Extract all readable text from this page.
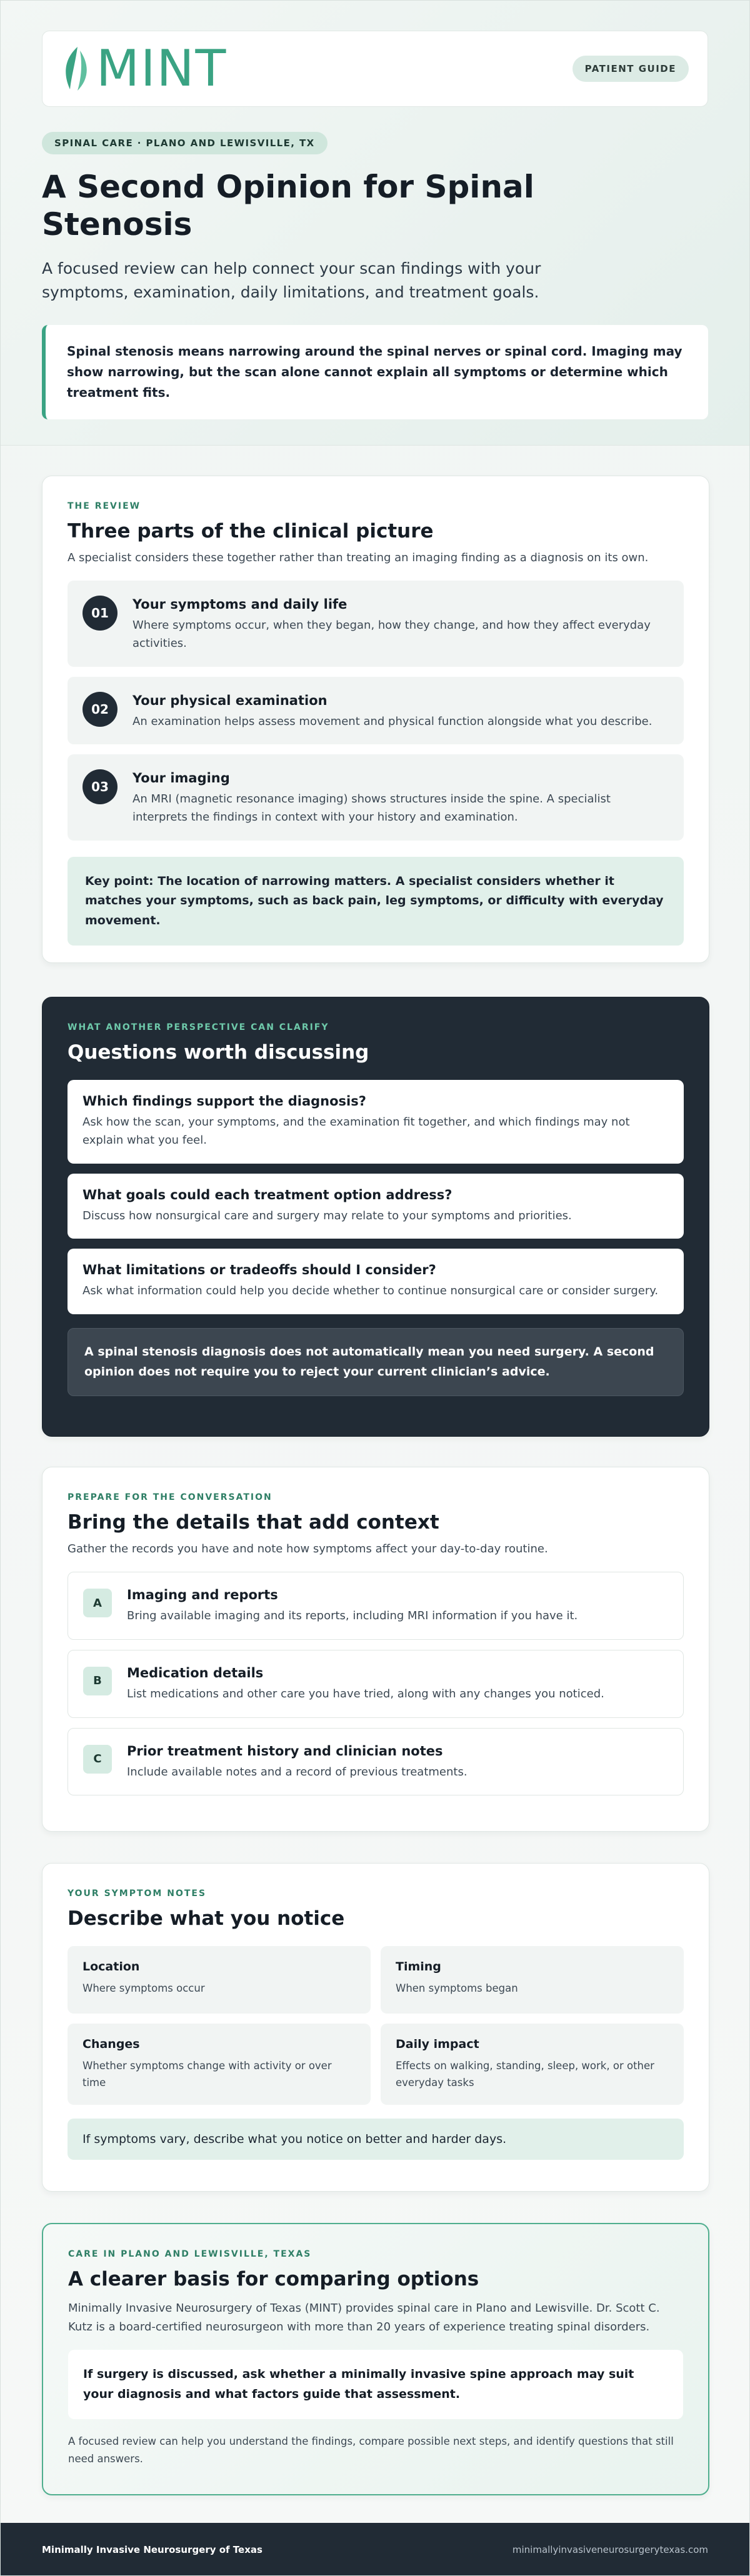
MINT	PATIENT GUIDE
SPINAL CARE · PLANO AND LEWISVILLE, TX
A Second Opinion for Spinal Stenosis

A focused review can help connect your scan findings with your symptoms, examination, daily limitations, and treatment goals.

Spinal stenosis means narrowing around the spinal nerves or spinal cord. Imaging may show narrowing, but the scan alone cannot explain all symptoms or determine which treatment fits.
THE REVIEW
Three parts of the clinical picture

A specialist considers these together rather than treating an imaging finding as a diagnosis on its own.

01
Your symptoms and daily life
Where symptoms occur, when they began, how they change, and how they affect everyday activities.
02
Your physical examination
An examination helps assess movement and physical function alongside what you describe.
03
Your imaging
An MRI (magnetic resonance imaging) shows structures inside the spine. A specialist interprets the findings in context with your history and examination.
Key point: The location of narrowing matters. A specialist considers whether it matches your symptoms, such as back pain, leg symptoms, or difficulty with everyday movement.
WHAT ANOTHER PERSPECTIVE CAN CLARIFY
Questions worth discussing
Which findings support the diagnosis?
Ask how the scan, your symptoms, and the examination fit together, and which findings may not explain what you feel.
What goals could each treatment option address?
Discuss how nonsurgical care and surgery may relate to your symptoms and priorities.
What limitations or tradeoffs should I consider?
Ask what information could help you decide whether to continue nonsurgical care or consider surgery.
A spinal stenosis diagnosis does not automatically mean you need surgery. A second opinion does not require you to reject your current clinician’s advice.
PREPARE FOR THE CONVERSATION
Bring the details that add context

Gather the records you have and note how symptoms affect your day-to-day routine.

A
Imaging and reports
Bring available imaging and its reports, including MRI information if you have it.
B
Medication details
List medications and other care you have tried, along with any changes you noticed.
C
Prior treatment history and clinician notes
Include available notes and a record of previous treatments.
YOUR SYMPTOM NOTES
Describe what you notice
Location
Where symptoms occur
Timing
When symptoms began
Changes
Whether symptoms change with activity or over time
Daily impact
Effects on walking, standing, sleep, work, or other everyday tasks
If symptoms vary, describe what you notice on better and harder days.
CARE IN PLANO AND LEWISVILLE, TEXAS
A clearer basis for comparing options

Minimally Invasive Neurosurgery of Texas (MINT) provides spinal care in Plano and Lewisville. Dr. Scott C. Kutz is a board-certified neurosurgeon with more than 20 years of experience treating spinal disorders.

If surgery is discussed, ask whether a minimally invasive spine approach may suit your diagnosis and what factors guide that assessment.

A focused review can help you understand the findings, compare possible next steps, and identify questions that still need answers.

Minimally Invasive Neurosurgery of Texas	minimallyinvasiveneurosurgerytexas.com
